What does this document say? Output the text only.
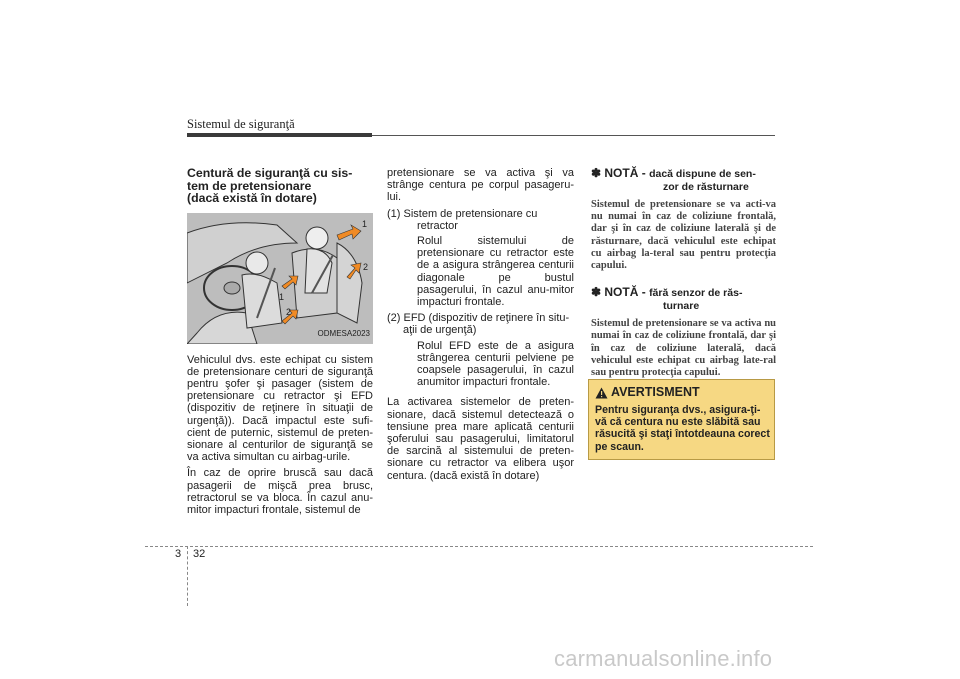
Sistemul de siguranţă
Centură de siguranţă cu sis-
tem de pretensionare
(dacă există în dotare)
1
2
1
2
ODMESA2023

Vehiculul dvs. este echipat cu sistem de pretensionare centuri de siguranţă pentru şofer şi pasager (sistem de pretensionare cu retractor şi EFD (dispozitiv de reţinere în situaţii de urgenţă)). Dacă impactul este sufi-cient de puternic, sistemul de preten-sionare al centurilor de siguranţă se va activa simultan cu airbag-urile.

În caz de oprire bruscă sau dacă pasagerii de mişcă prea brusc, retractorul se va bloca. În cazul anu-mitor impacturi frontale, sistemul de

pretensionare se va activa şi va strânge centura pe corpul pasageru-lui.

(1) Sistem de pretensionare cu

retractor

Rolul sistemului de pretensionare cu retractor este de a asigura strângerea centurii diagonale pe bustul pasagerului, în cazul anu-mitor impacturi frontale.

(2) EFD (dispozitiv de reţinere în situ-

aţii de urgenţă)

Rolul EFD este de a asigura strângerea centurii pelviene pe coapsele pasagerului, în cazul anumitor impacturi frontale.

La activarea sistemelor de preten-sionare, dacă sistemul detectează o tensiune prea mare aplicată centurii şoferului sau pasagerului, limitatorul de sarcină al sistemului de preten-sionare cu retractor va elibera uşor centura. (dacă există în dotare)

✽ NOTĂ - dacă dispune de sen-
zor de răsturnare
Sistemul de pretensionare se va acti-va nu numai în caz de coliziune frontală, dar şi în caz de coliziune laterală şi de răsturnare, dacă vehiculul este echipat cu airbag la-teral sau pentru protecţia capului.
✽ NOTĂ - fără senzor de răs-
turnare
Sistemul de pretensionare se va activa nu numai în caz de coliziune frontală, dar şi în caz de coliziune laterală, dacă vehiculul este echipat cu airbag late-ral sau pentru protecţia capului.
AVERTISMENT
Pentru siguranţa dvs., asigura-ţi-vă că centura nu este slăbită sau răsucită şi staţi întotdeauna corect pe scaun.
3 32
carmanualsonline.info
